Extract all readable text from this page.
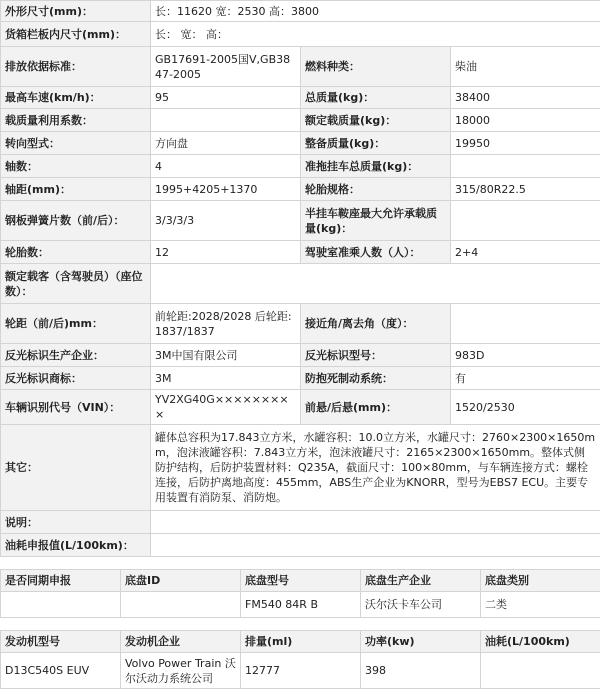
外形尺寸(mm)：	长：11620 宽：2530 高：3800		
货箱栏板内尺寸(mm)：	长： 宽： 高：		
排放依据标准：	GB17691-2005国Ⅴ,GB3847-2005	燃料种类：	柴油
最高车速(km/h)：	95	总质量(kg)：	38400
载质量利用系数：		额定载质量(kg)：	18000
转向型式：	方向盘	整备质量(kg)：	19950
轴数：	4	准拖挂车总质量(kg)：	
轴距(mm)：	1995+4205+1370	轮胎规格：	315/80R22.5
钢板弹簧片数（前/后）：	3/3/3/3	半挂车鞍座最大允许承载质量(kg)：	
轮胎数：	12	驾驶室准乘人数（人）：	2+4
额定载客（含驾驶员）（座位数）：			
轮距（前/后)mm：	前轮距:2028/2028 后轮距:1837/1837	接近角/离去角（度）：	
反光标识生产企业：	3M中国有限公司	反光标识型号：	983D
反光标识商标：	3M	防抱死制动系统：	有
车辆识别代号（VIN）：	YV2XG40G×××××××××	前悬/后悬(mm)：	1520/2530
其它：	罐体总容积为17.843立方米，水罐容积：10.0立方米，水罐尺寸：2760×2300×1650mm，泡沫液罐容积：7.843立方米，泡沫液罐尺寸：2165×2300×1650mm。整体式侧防护结构，后防护装置材料：Q235A，截面尺寸：100×80mm，与车辆连接方式：螺栓连接，后防护离地高度：455mm，ABS生产企业为KNORR，型号为EBS7 ECU。主要专用装置有消防泵、消防炮。		
说明：			
油耗申报值(L/100km)：			
是否同期申报	底盘ID	底盘型号	底盘生产企业	底盘类别
		FM540 84R B	沃尔沃卡车公司	二类
发动机型号	发动机企业	排量(ml)	功率(kw)	油耗(L/100km)
D13C540S EUV	Volvo Power Train 沃尔沃动力系统公司	12777	398	
